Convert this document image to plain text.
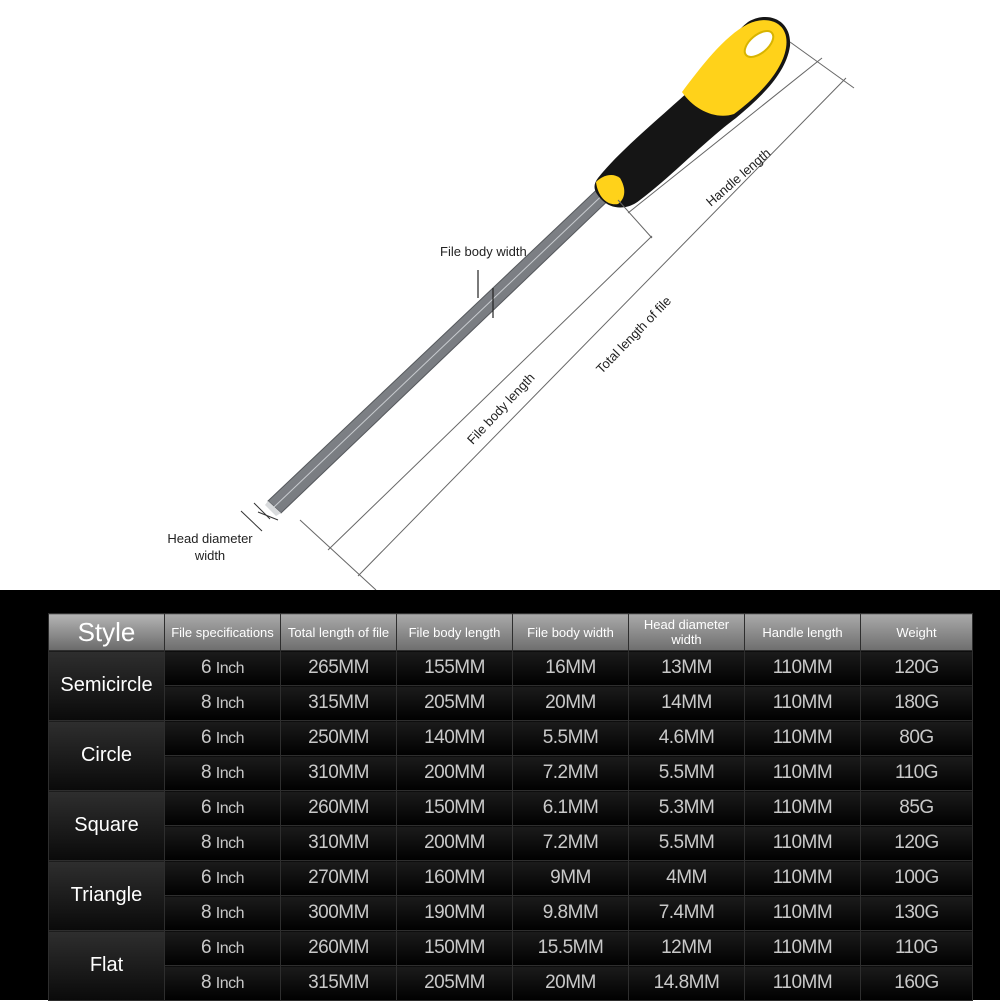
Handle length
File body width
Total length of file
File body length
Head diameter width
Style	File specifications	Total length of file	File body length	File body width	Head diameter width	Handle length	Weight
Semicircle	6 Inch	265MM	155MM	16MM	13MM	110MM	120G
	8 Inch	315MM	205MM	20MM	14MM	110MM	180G
Circle	6 Inch	250MM	140MM	5.5MM	4.6MM	110MM	80G
	8 Inch	310MM	200MM	7.2MM	5.5MM	110MM	110G
Square	6 Inch	260MM	150MM	6.1MM	5.3MM	110MM	85G
	8 Inch	310MM	200MM	7.2MM	5.5MM	110MM	120G
Triangle	6 Inch	270MM	160MM	9MM	4MM	110MM	100G
	8 Inch	300MM	190MM	9.8MM	7.4MM	110MM	130G
Flat	6 Inch	260MM	150MM	15.5MM	12MM	110MM	110G
	8 Inch	315MM	205MM	20MM	14.8MM	110MM	160G
